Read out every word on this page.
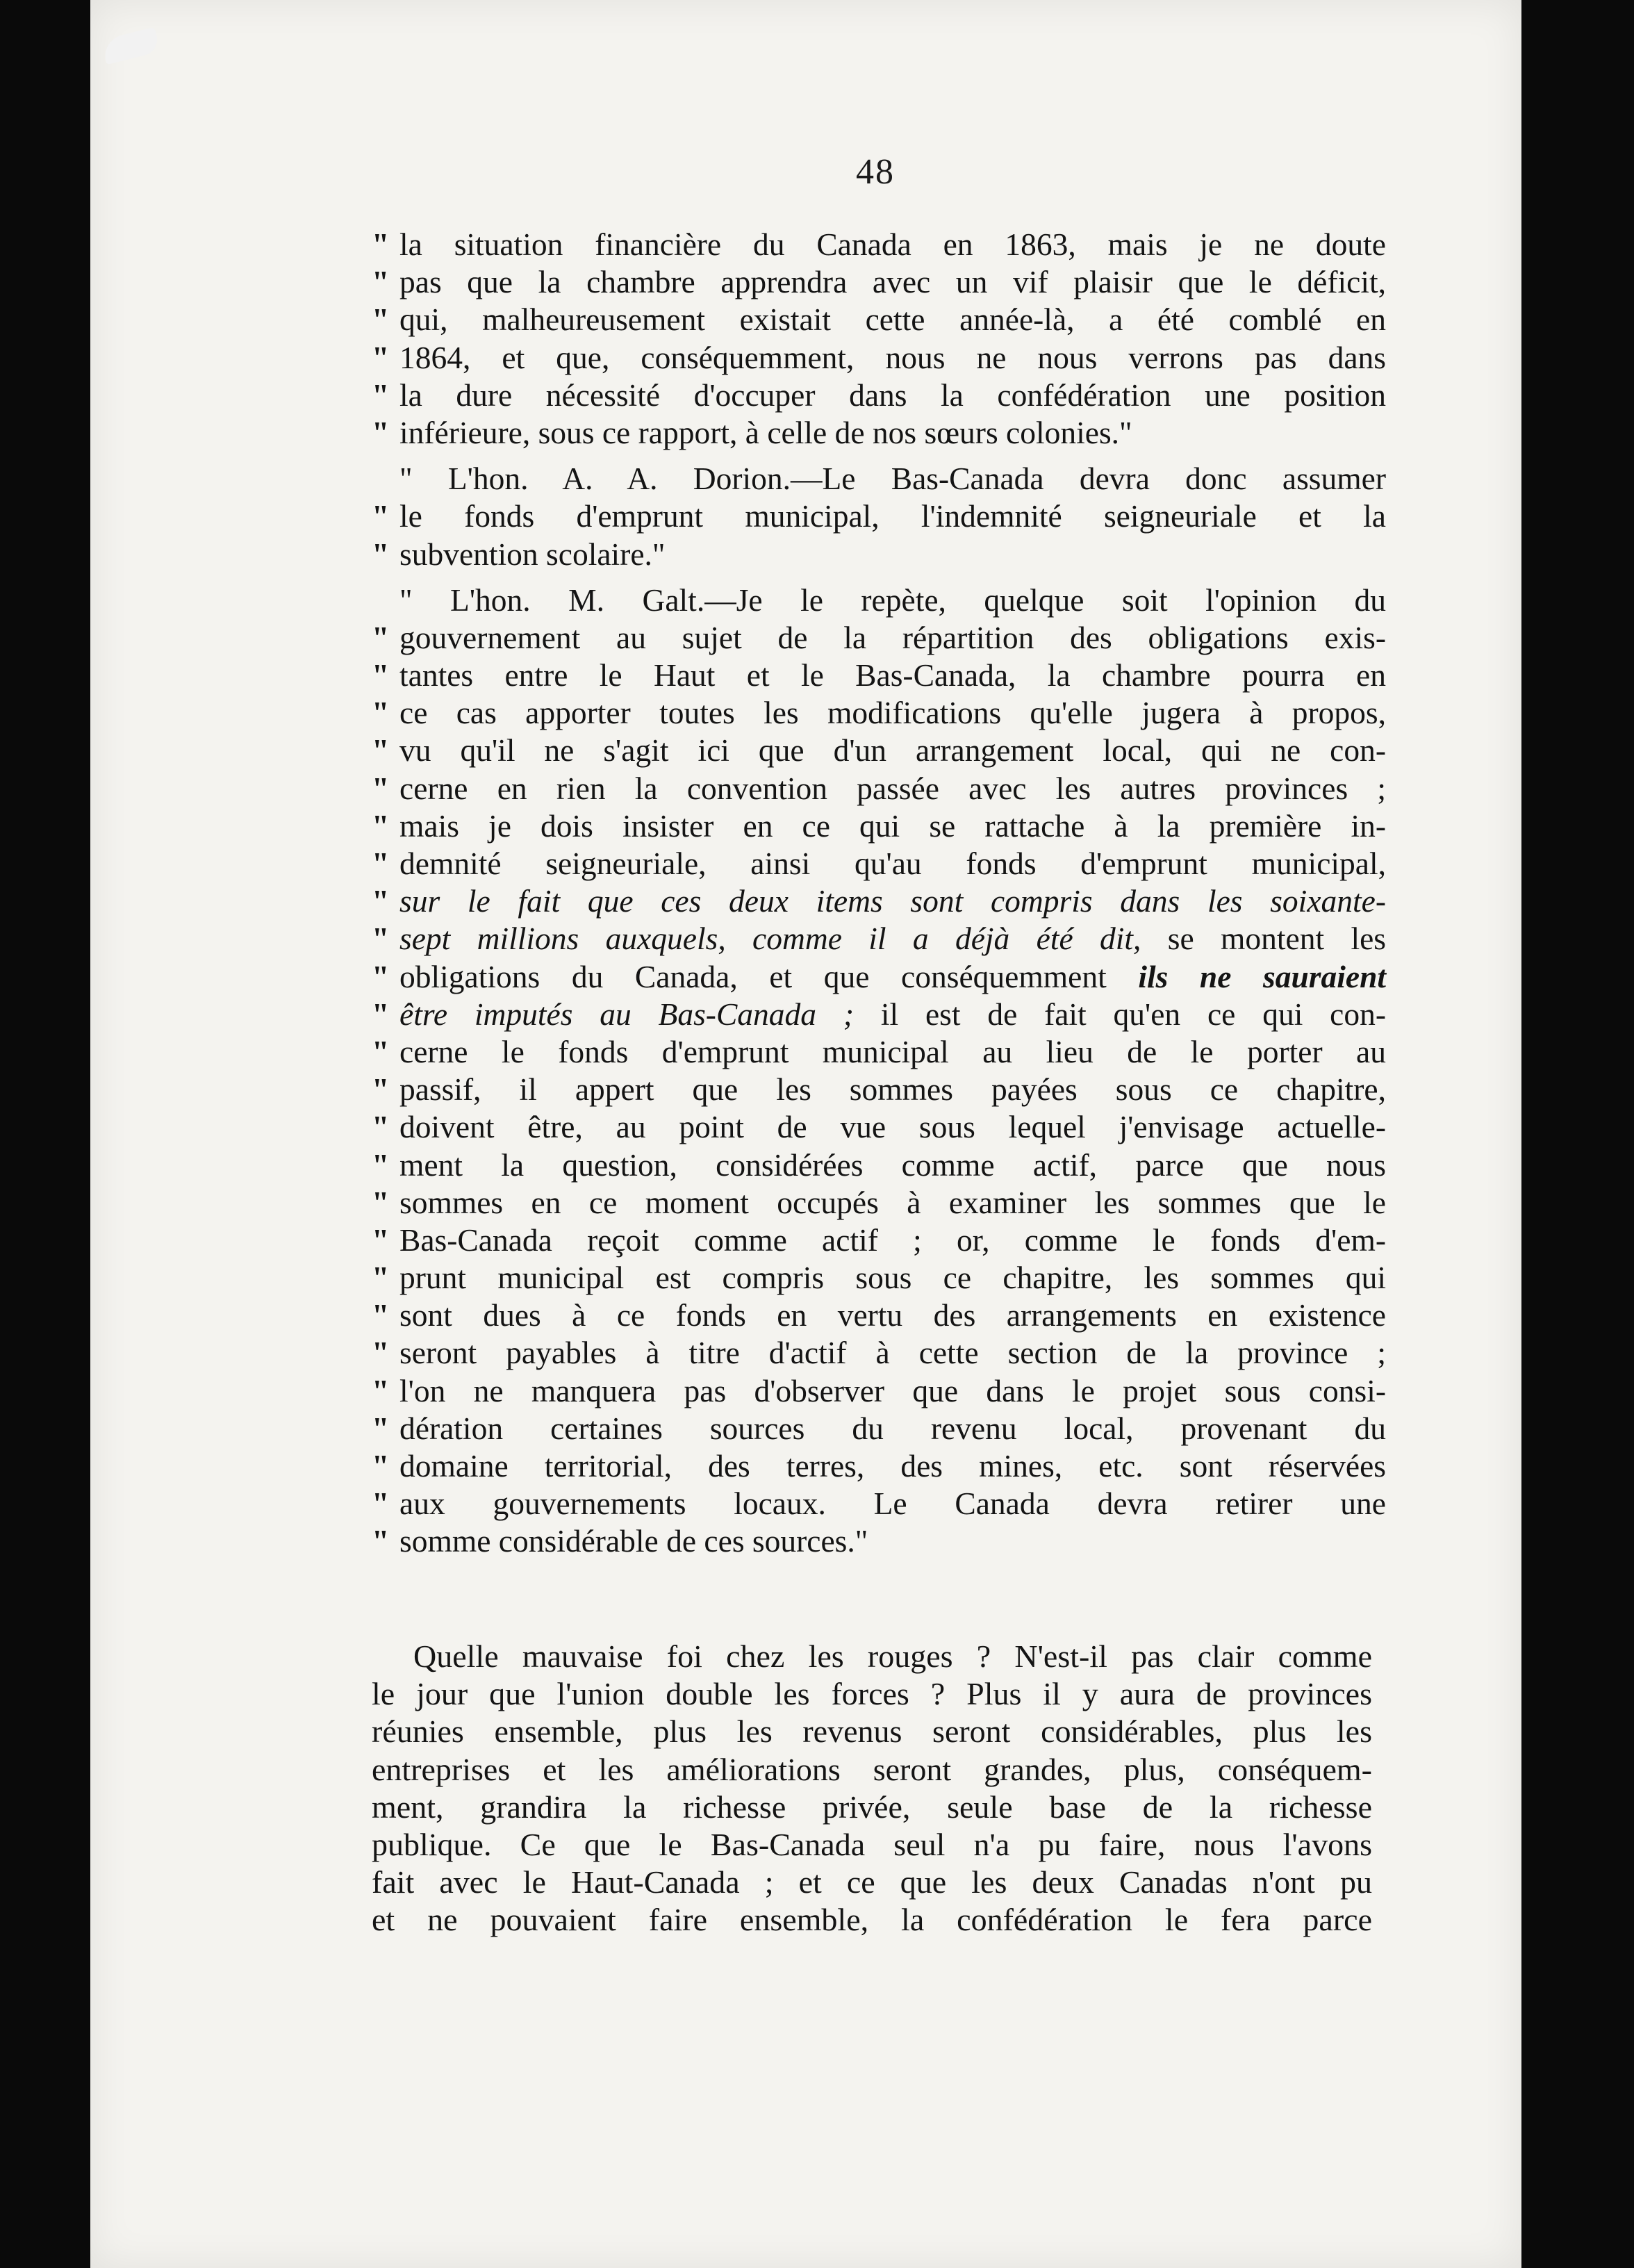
48
" la situation financière du Canada en 1863, mais je ne doute
" pas que la chambre apprendra avec un vif plaisir que le déficit,
" qui, malheureusement existait cette année-là, a été comblé en
" 1864, et que, conséquemment, nous ne nous verrons pas dans
" la dure nécessité d'occuper dans la confédération une position
" inférieure, sous ce rapport, à celle de nos sœurs colonies."
" L'hon. A. A. Dorion.—Le Bas-Canada devra donc assumer
" le fonds d'emprunt municipal, l'indemnité seigneuriale et la
" subvention scolaire."
" L'hon. M. Galt.—Je le repète, quelque soit l'opinion du
" gouvernement au sujet de la répartition des obligations exis-
" tantes entre le Haut et le Bas-Canada, la chambre pourra en
" ce cas apporter toutes les modifications qu'elle jugera à propos,
" vu qu'il ne s'agit ici que d'un arrangement local, qui ne con-
" cerne en rien la convention passée avec les autres provinces ;
" mais je dois insister en ce qui se rattache à la première in-
" demnité seigneuriale, ainsi qu'au fonds d'emprunt municipal,
" sur le fait que ces deux items sont compris dans les soixante-
" sept millions auxquels, comme il a déjà été dit, se montent les
" obligations du Canada, et que conséquemment ils ne sauraient
" être imputés au Bas-Canada ; il est de fait qu'en ce qui con-
" cerne le fonds d'emprunt municipal au lieu de le porter au
" passif, il appert que les sommes payées sous ce chapitre,
" doivent être, au point de vue sous lequel j'envisage actuelle-
" ment la question, considérées comme actif, parce que nous
" sommes en ce moment occupés à examiner les sommes que le
" Bas-Canada reçoit comme actif ; or, comme le fonds d'em-
" prunt municipal est compris sous ce chapitre, les sommes qui
" sont dues à ce fonds en vertu des arrangements en existence
" seront payables à titre d'actif à cette section de la province ;
" l'on ne manquera pas d'observer que dans le projet sous consi-
" dération certaines sources du revenu local, provenant du
" domaine territorial, des terres, des mines, etc. sont réservées
" aux gouvernements locaux. Le Canada devra retirer une
" somme considérable de ces sources."
Quelle mauvaise foi chez les rouges ? N'est-il pas clair comme
le jour que l'union double les forces ? Plus il y aura de provinces
réunies ensemble, plus les revenus seront considérables, plus les
entreprises et les améliorations seront grandes, plus, conséquem-
ment, grandira la richesse privée, seule base de la richesse
publique. Ce que le Bas-Canada seul n'a pu faire, nous l'avons
fait avec le Haut-Canada ; et ce que les deux Canadas n'ont pu
et ne pouvaient faire ensemble, la confédération le fera parce
